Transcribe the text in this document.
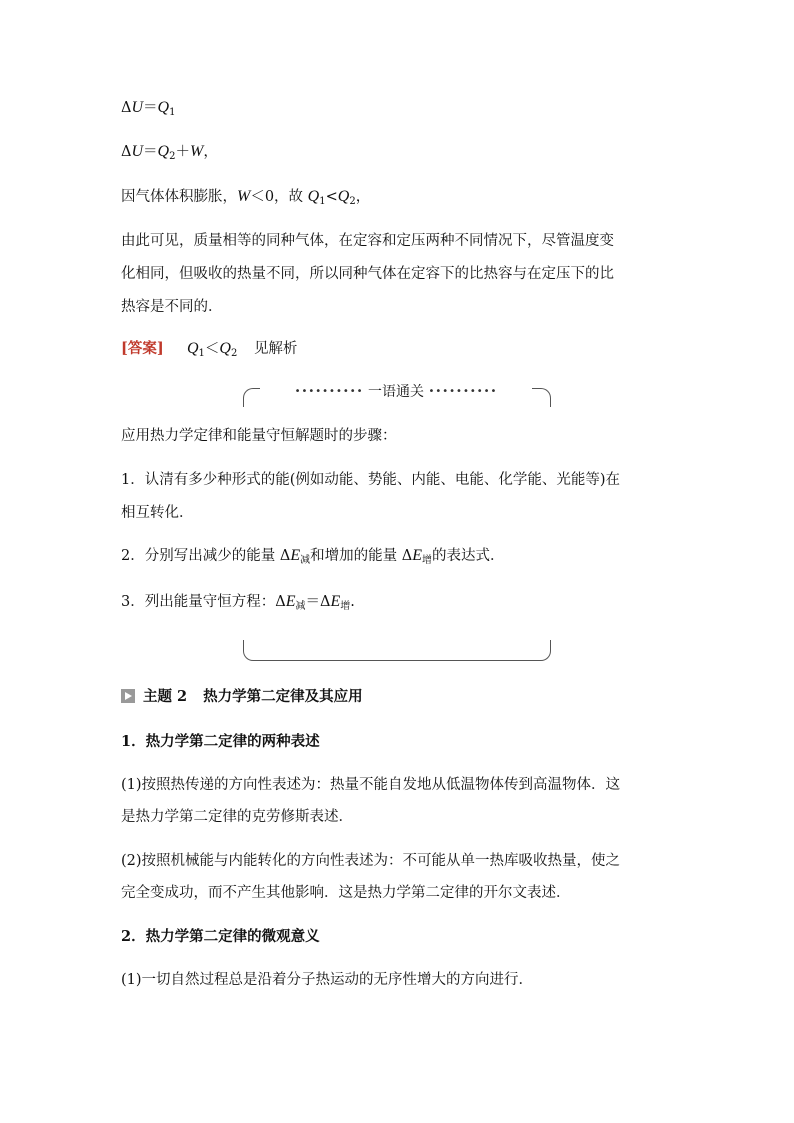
$\Delta U=Q_1$
$\Delta U=Q_2+W$，
因气体体积膨胀，W＜0，故 $Q_1<Q_2$，
由此可见，质量相等的同种气体，在定容和定压两种不同情况下，尽管温度变
化相同，但吸收的热量不同，所以同种气体在定容下的比热容与在定压下的比
热容是不同的．
[答案] $Q_1<Q_2$ 见解析
•••••••••• 一语通关 ••••••••••
应用热力学定律和能量守恒解题时的步骤：
1．认清有多少种形式的能(例如动能、势能、内能、电能、化学能、光能等)在
相互转化．
2．分别写出减少的能量 $\Delta E_减$和增加的能量 $\Delta E_增$的表达式．
3．列出能量守恒方程：$\Delta E_减=\Delta E_增$.
主题 2 热力学第二定律及其应用
1．热力学第二定律的两种表述
(1)按照热传递的方向性表述为：热量不能自发地从低温物体传到高温物体．这
是热力学第二定律的克劳修斯表述．
(2)按照机械能与内能转化的方向性表述为：不可能从单一热库吸收热量，使之
完全变成功，而不产生其他影响．这是热力学第二定律的开尔文表述．
2．热力学第二定律的微观意义
(1)一切自然过程总是沿着分子热运动的无序性增大的方向进行．
